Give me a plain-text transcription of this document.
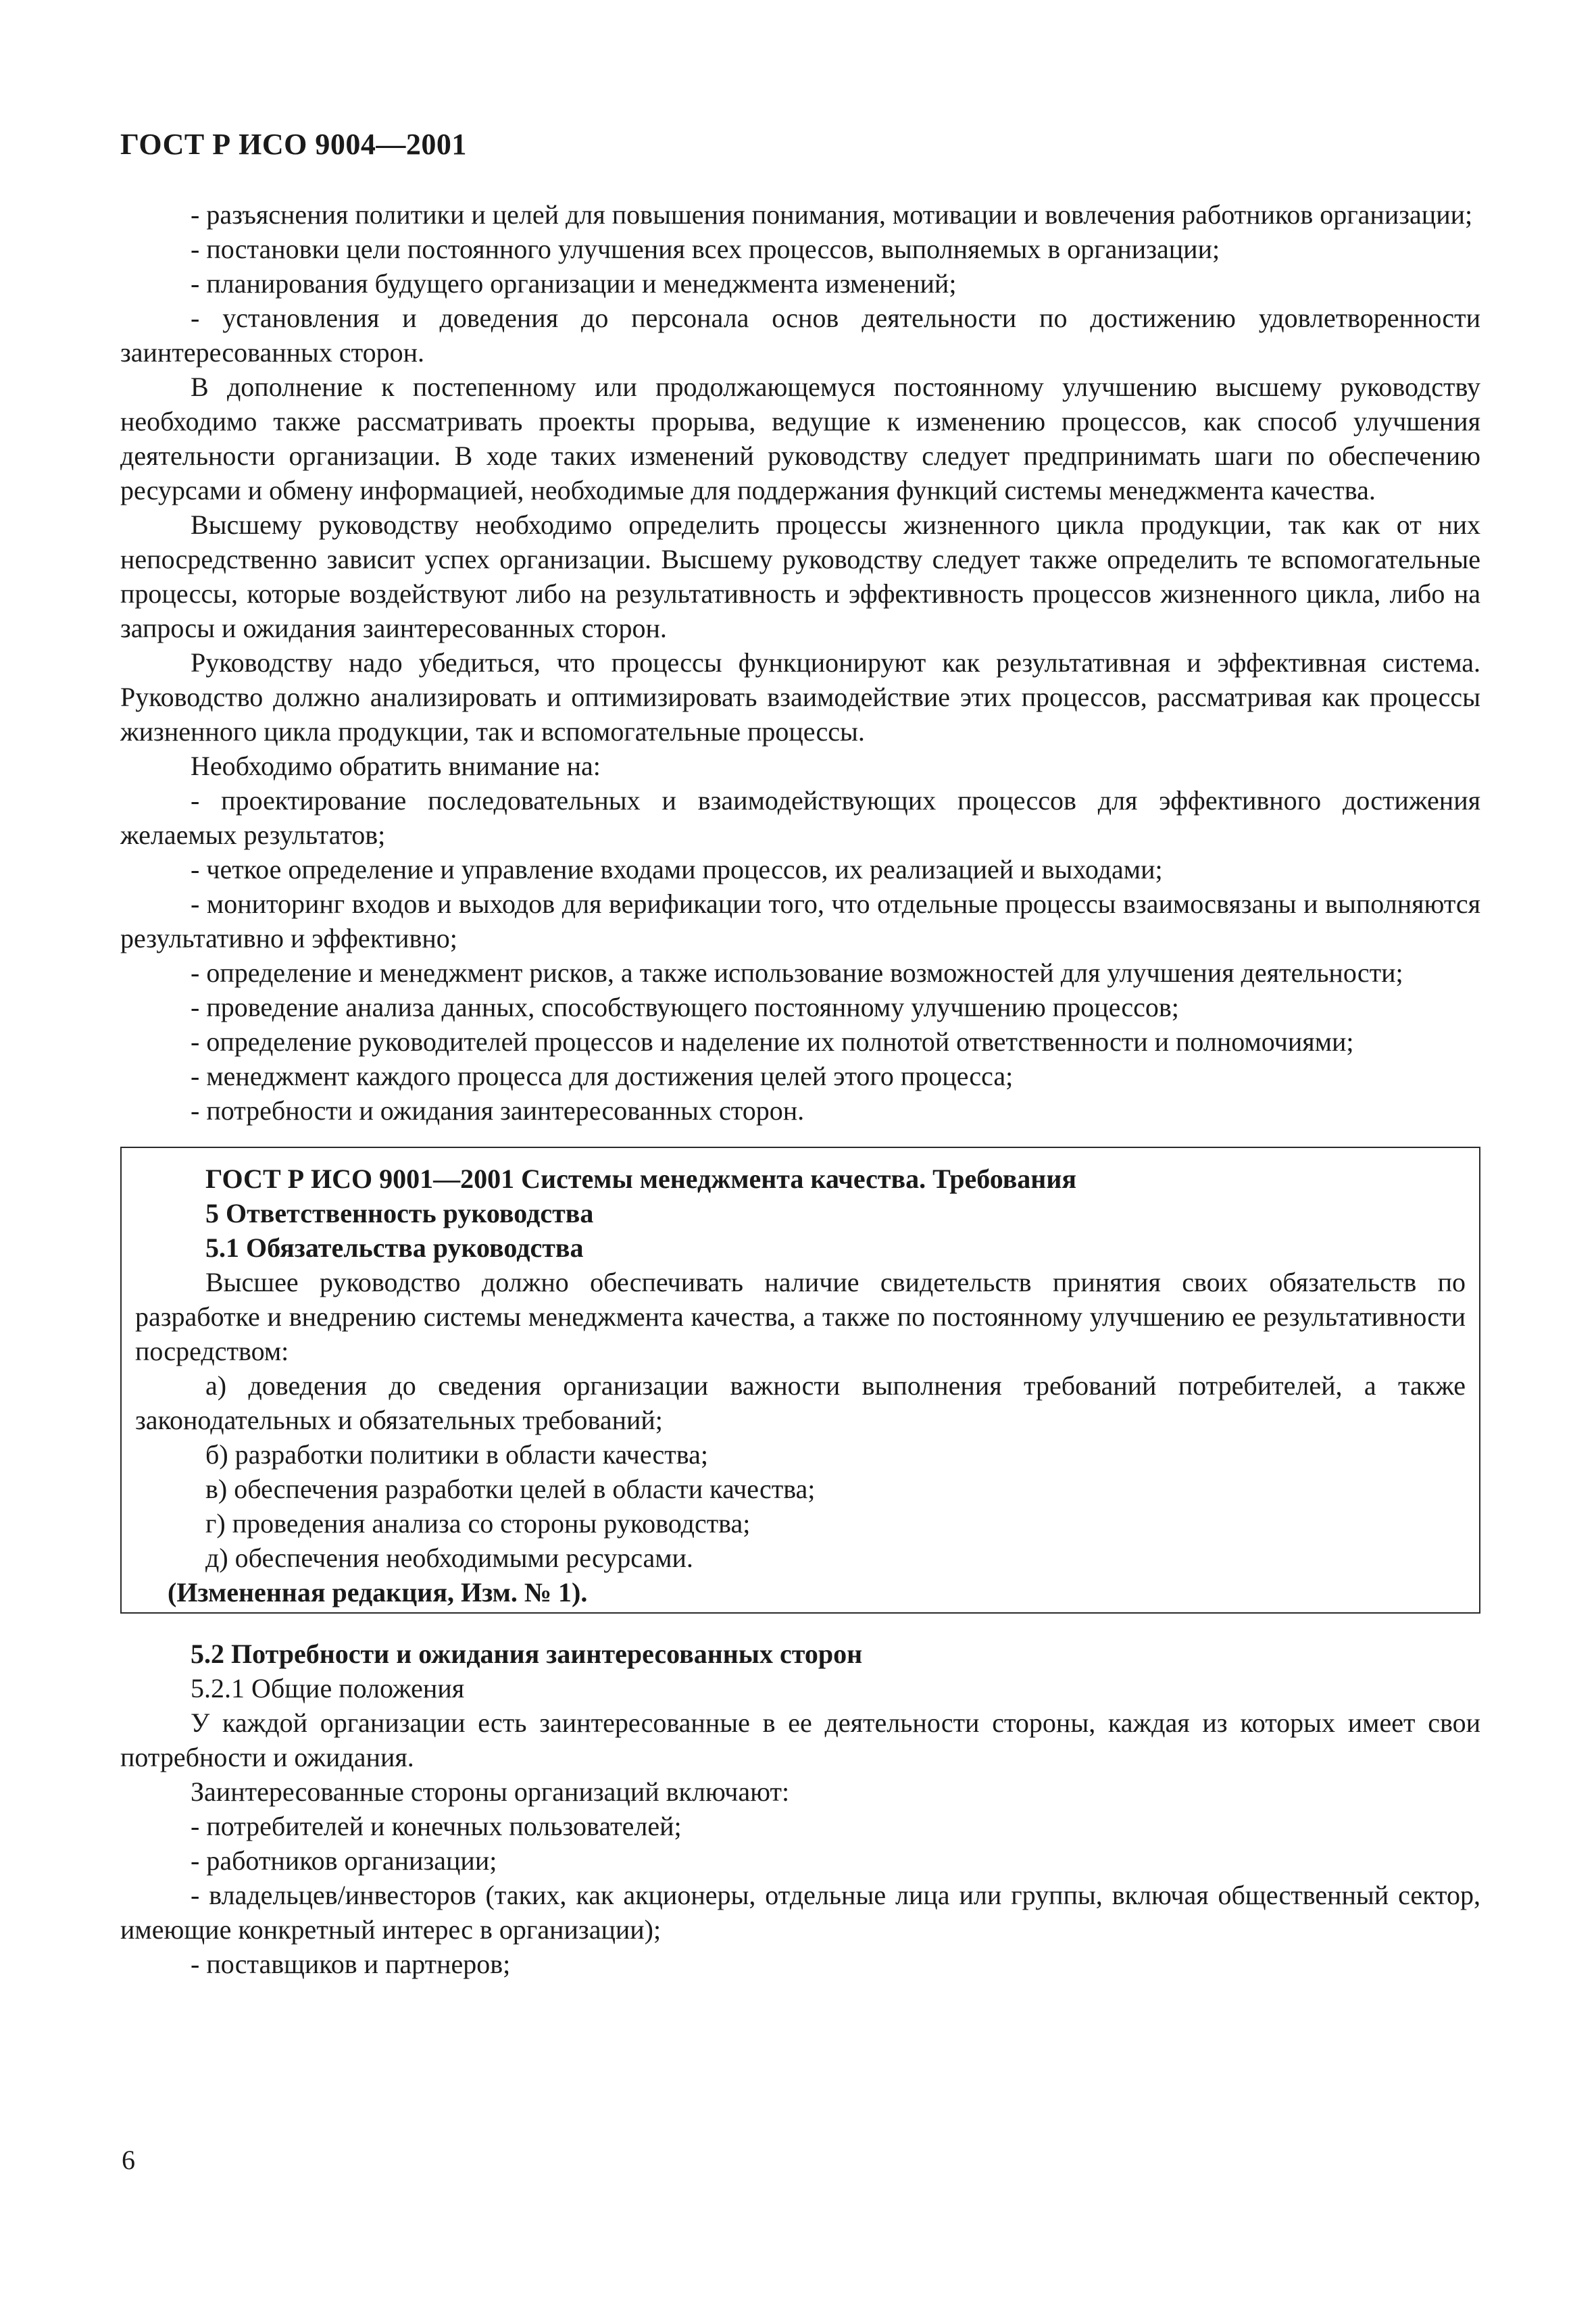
ГОСТ Р ИСО 9004—2001

- разъяснения политики и целей для повышения понимания, мотивации и вовлечения работников организации;

- постановки цели постоянного улучшения всех процессов, выполняемых в организации;

- планирования будущего организации и менеджмента изменений;

- установления и доведения до персонала основ деятельности по достижению удовлетворенности заинтересованных сторон.

В дополнение к постепенному или продолжающемуся постоянному улучшению высшему руководству необходимо также рассматривать проекты прорыва, ведущие к изменению процессов, как способ улучшения деятельности организации. В ходе таких изменений руководству следует предпринимать шаги по обеспечению ресурсами и обмену информацией, необходимые для поддержания функций системы менеджмента качества.

Высшему руководству необходимо определить процессы жизненного цикла продукции, так как от них непосредственно зависит успех организации. Высшему руководству следует также определить те вспомогательные процессы, которые воздействуют либо на результативность и эффективность процессов жизненного цикла, либо на запросы и ожидания заинтересованных сторон.

Руководству надо убедиться, что процессы функционируют как результативная и эффективная система. Руководство должно анализировать и оптимизировать взаимодействие этих процессов, рассматривая как процессы жизненного цикла продукции, так и вспомогательные процессы.

Необходимо обратить внимание на:

- проектирование последовательных и взаимодействующих процессов для эффективного достижения желаемых результатов;

- четкое определение и управление входами процессов, их реализацией и выходами;

- мониторинг входов и выходов для верификации того, что отдельные процессы взаимосвязаны и выполняются результативно и эффективно;

- определение и менеджмент рисков, а также использование возможностей для улучшения деятельности;

- проведение анализа данных, способствующего постоянному улучшению процессов;

- определение руководителей процессов и наделение их полнотой ответственности и полномочиями;

- менеджмент каждого процесса для достижения целей этого процесса;

- потребности и ожидания заинтересованных сторон.

ГОСТ Р ИСО 9001—2001 Системы менеджмента качества. Требования

5 Ответственность руководства

5.1 Обязательства руководства

Высшее руководство должно обеспечивать наличие свидетельств принятия своих обязательств по разработке и внедрению системы менеджмента качества, а также по постоянному улучшению ее результативности посредством:

а) доведения до сведения организации важности выполнения требований потребителей, а также законодательных и обязательных требований;

б) разработки политики в области качества;

в) обеспечения разработки целей в области качества;

г) проведения анализа со стороны руководства;

д) обеспечения необходимыми ресурсами.

(Измененная редакция, Изм. № 1).

5.2 Потребности и ожидания заинтересованных сторон

5.2.1 Общие положения

У каждой организации есть заинтересованные в ее деятельности стороны, каждая из которых имеет свои потребности и ожидания.

Заинтересованные стороны организаций включают:

- потребителей и конечных пользователей;

- работников организации;

- владельцев/инвесторов (таких, как акционеры, отдельные лица или группы, включая общественный сектор, имеющие конкретный интерес в организации);

- поставщиков и партнеров;

6
